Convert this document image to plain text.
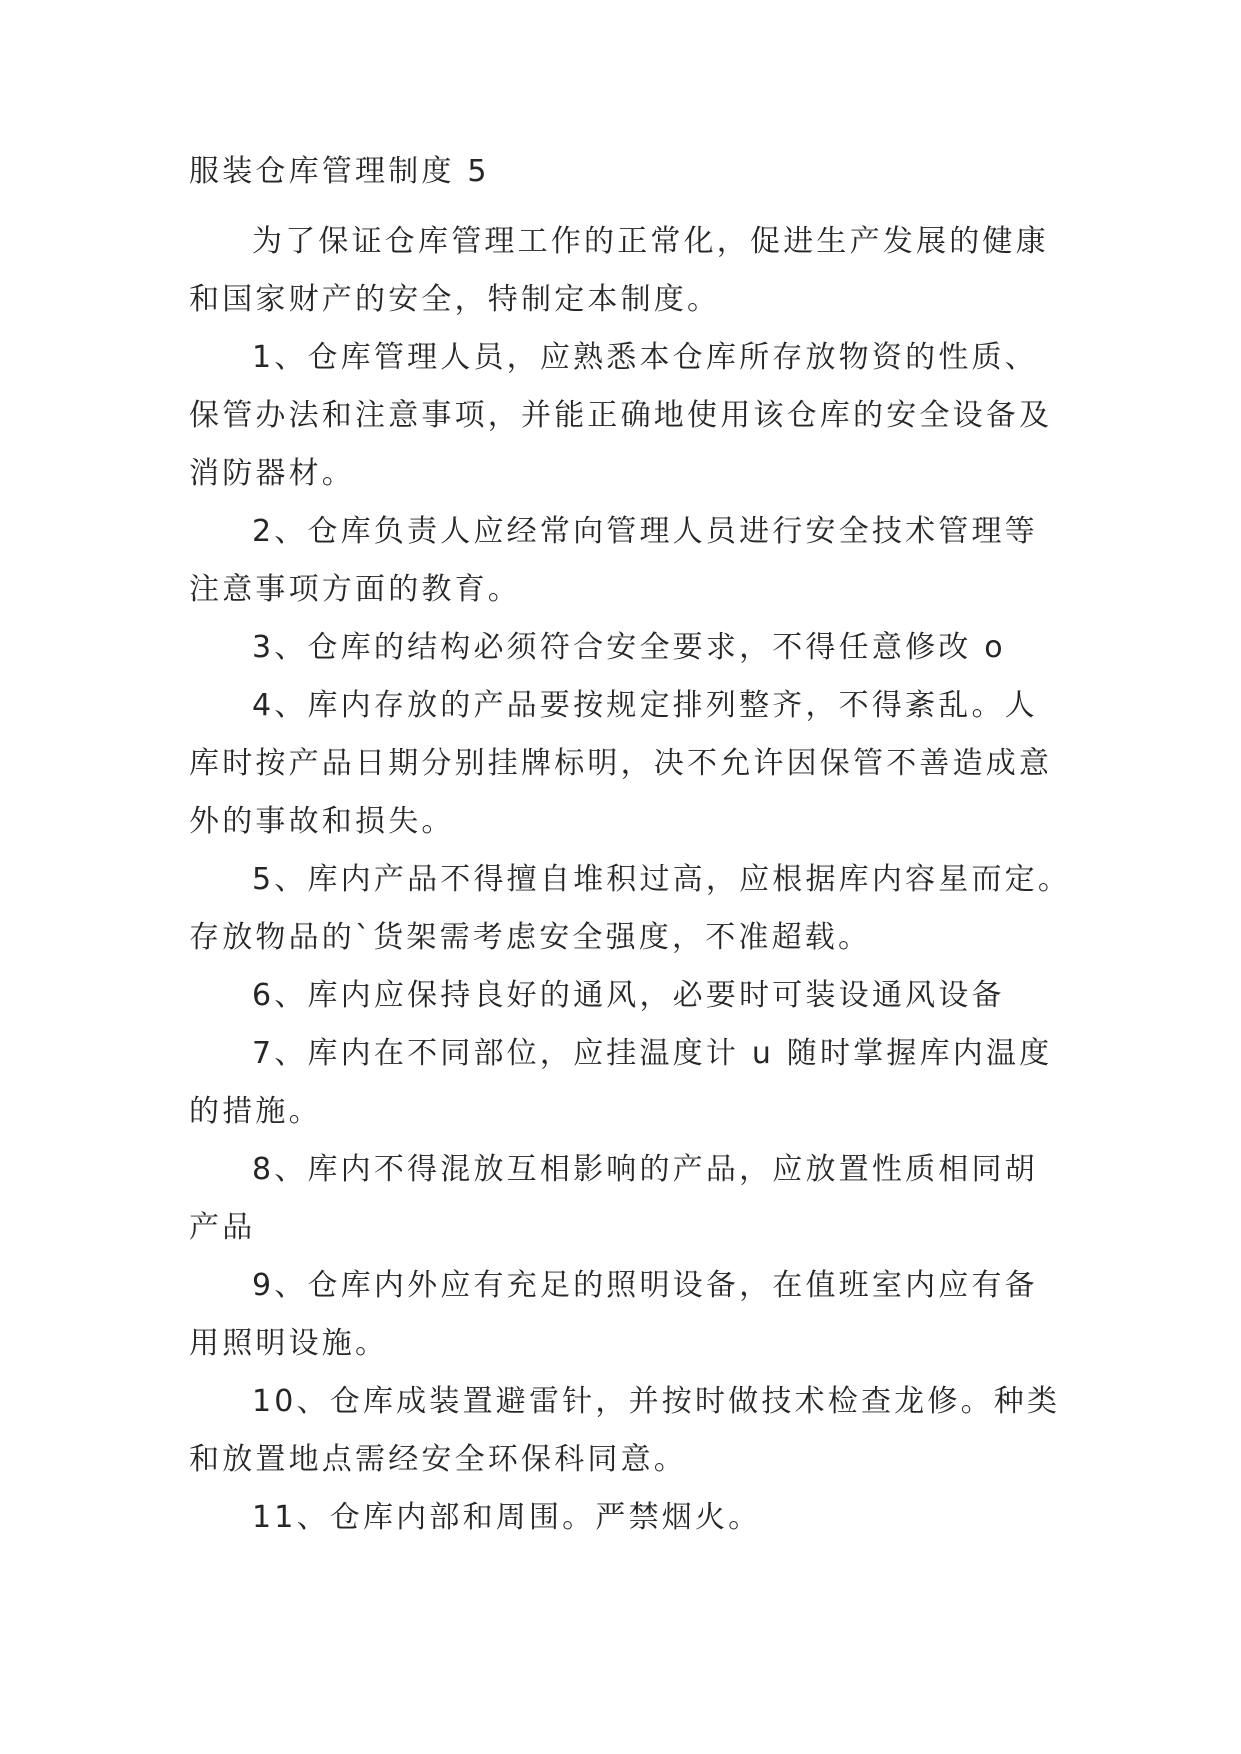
服装仓库管理制度 5
为了保证仓库管理工作的正常化，促进生产发展的健康
和国家财产的安全，特制定本制度。
1、仓库管理人员，应熟悉本仓库所存放物资的性质、
保管办法和注意事项，并能正确地使用该仓库的安全设备及
消防器材。
2、仓库负责人应经常向管理人员进行安全技术管理等
注意事项方面的教育。
3、仓库的结构必须符合安全要求，不得任意修改 o
4、库内存放的产品要按规定排列整齐，不得紊乱。人
库时按产品日期分别挂牌标明，决不允许因保管不善造成意
外的事故和损失。
5、库内产品不得擅自堆积过高，应根据库内容星而定。
存放物品的`货架需考虑安全强度，不准超载。
6、库内应保持良好的通风，必要时可装设通风设备
7、库内在不同部位，应挂温度计 u 随时掌握库内温度
的措施。
8、库内不得混放互相影响的产品，应放置性质相同胡
产品
9、仓库内外应有充足的照明设备，在值班室内应有备
用照明设施。
10、仓库成装置避雷针，并按时做技术检查龙修。种类
和放置地点需经安全环保科同意。
11、仓库内部和周围。严禁烟火。
